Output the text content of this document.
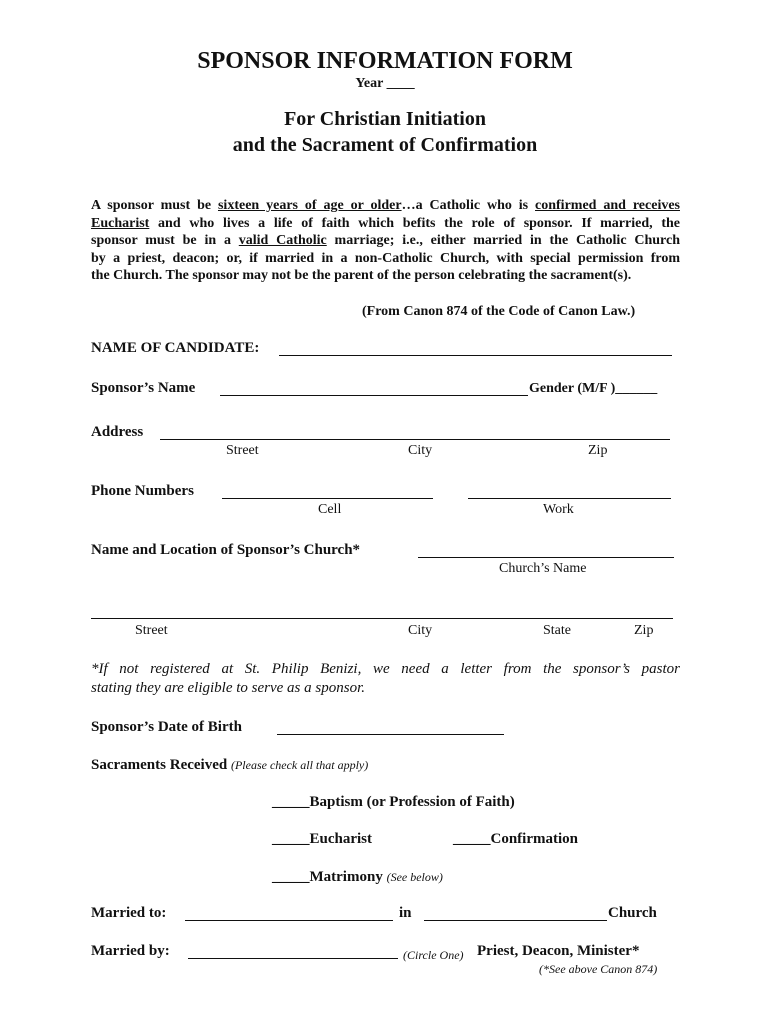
SPONSOR INFORMATION FORM
Year ____
For Christian Initiation
and the Sacrament of Confirmation
A sponsor must be sixteen years of age or older…a Catholic who is confirmed and receives
Eucharist and who lives a life of faith which befits the role of sponsor. If married, the
sponsor must be in a valid Catholic marriage; i.e., either married in the Catholic Church
by a priest, deacon; or, if married in a non-Catholic Church, with special permission from
the Church. The sponsor may not be the parent of the person celebrating the sacrament(s).
(From Canon 874 of the Code of Canon Law.)
NAME OF CANDIDATE:
Sponsor’s Name	Gender (M/F )______
Address
Street	City	Zip
Phone Numbers
Cell	Work
Name and Location of Sponsor’s Church*
Church’s Name
Street	City	State	Zip
*If not registered at St. Philip Benizi, we need a letter from the sponsor’s pastor
stating they are eligible to serve as a sponsor.
Sponsor’s Date of Birth
Sacraments Received (Please check all that apply)
_____Baptism (or Profession of Faith)
_____Eucharist	_____Confirmation
_____Matrimony (See below)
Married to:	in	Church
Married by:	(Circle One) Priest, Deacon, Minister*
(*See above Canon 874)
